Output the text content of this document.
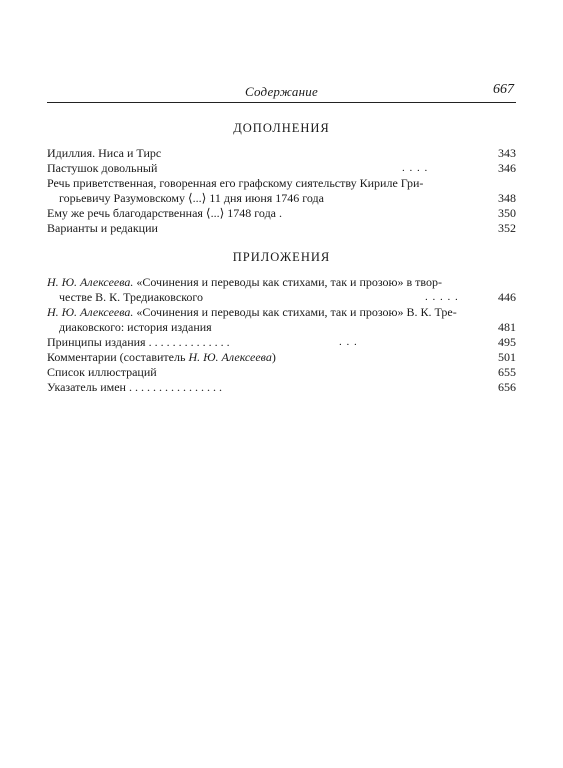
Содержание	667
ДОПОЛНЕНИЯ
Идиллия. Ниса и Тирс	343
Пастушок довольный	. . . .	346
Речь приветственная, говоренная его графскому сиятельству Кириле Гри-
горьевичу Разумовскому ⟨...⟩ 11 дня июня 1746 года	348
Ему же речь благодарственная ⟨...⟩ 1748 года .	350
Варианты и редакции	352
ПРИЛОЖЕНИЯ
Н. Ю. Алексеева. «Сочинения и переводы как стихами, так и прозою» в твор-
честве В. К. Тредиаковского	. . . . .	446
Н. Ю. Алексеева. «Сочинения и переводы как стихами, так и прозою» В. К. Тре-
диаковского: история издания	481
Принципы издания . . . . . . . . . . . . . .	. . .	495
Комментарии (составитель Н. Ю. Алексеева)	501
Список иллюстраций	655
Указатель имен . . . . . . . . . . . . . . . .	656
